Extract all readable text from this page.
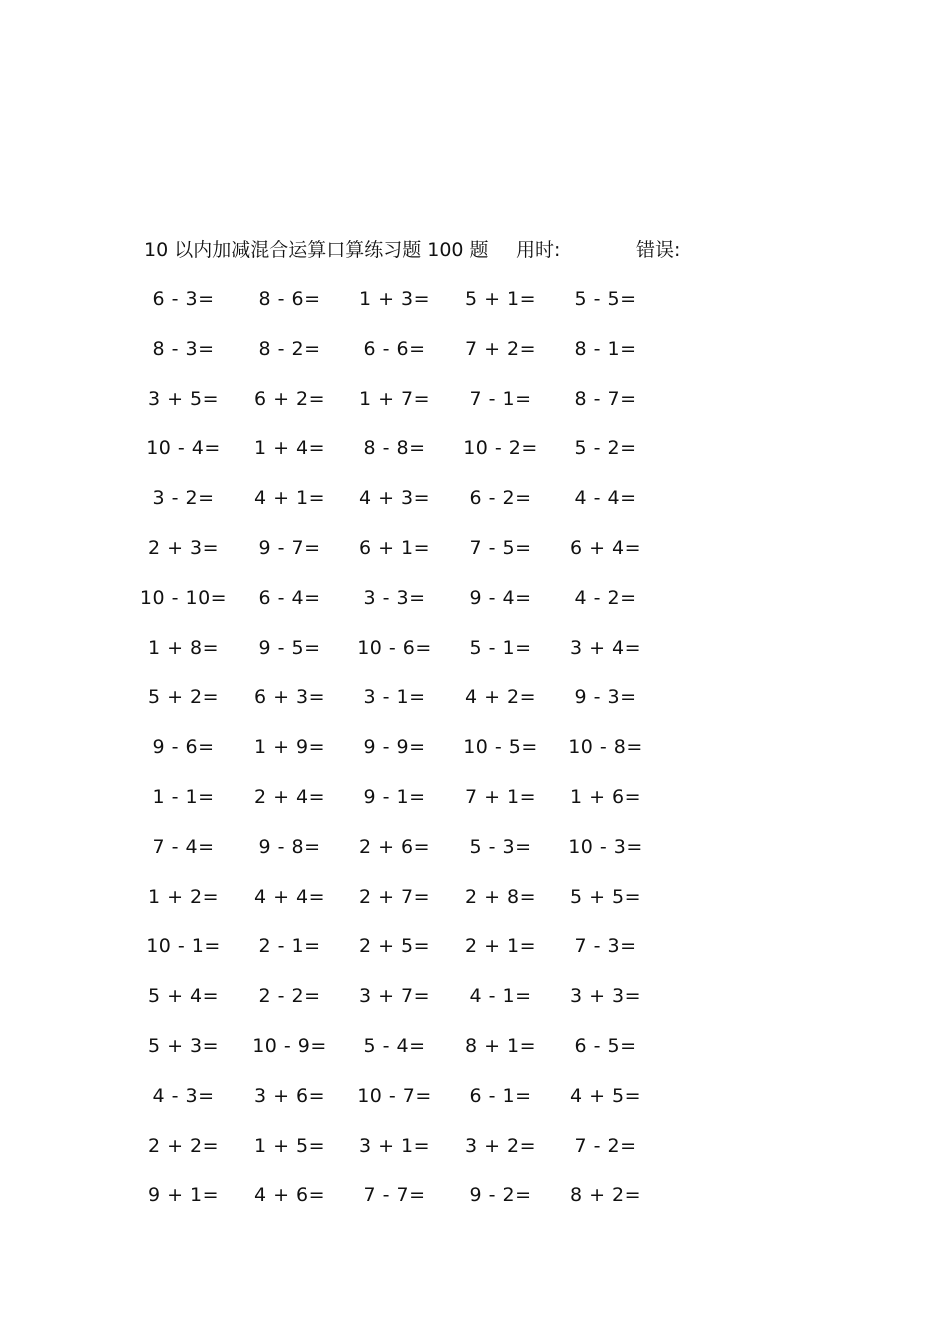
10 以内加减混合运算口算练习题 100 题 用时:	错误:
6 - 3=	8 - 6=	1 + 3=	5 + 1=	5 - 5=
8 - 3=	8 - 2=	6 - 6=	7 + 2=	8 - 1=
3 + 5=	6 + 2=	1 + 7=	7 - 1=	8 - 7=
10 - 4=	1 + 4=	8 - 8=	10 - 2=	5 - 2=
3 - 2=	4 + 1=	4 + 3=	6 - 2=	4 - 4=
2 + 3=	9 - 7=	6 + 1=	7 - 5=	6 + 4=
10 - 10=	6 - 4=	3 - 3=	9 - 4=	4 - 2=
1 + 8=	9 - 5=	10 - 6=	5 - 1=	3 + 4=
5 + 2=	6 + 3=	3 - 1=	4 + 2=	9 - 3=
9 - 6=	1 + 9=	9 - 9=	10 - 5=	10 - 8=
1 - 1=	2 + 4=	9 - 1=	7 + 1=	1 + 6=
7 - 4=	9 - 8=	2 + 6=	5 - 3=	10 - 3=
1 + 2=	4 + 4=	2 + 7=	2 + 8=	5 + 5=
10 - 1=	2 - 1=	2 + 5=	2 + 1=	7 - 3=
5 + 4=	2 - 2=	3 + 7=	4 - 1=	3 + 3=
5 + 3=	10 - 9=	5 - 4=	8 + 1=	6 - 5=
4 - 3=	3 + 6=	10 - 7=	6 - 1=	4 + 5=
2 + 2=	1 + 5=	3 + 1=	3 + 2=	7 - 2=
9 + 1=	4 + 6=	7 - 7=	9 - 2=	8 + 2=
